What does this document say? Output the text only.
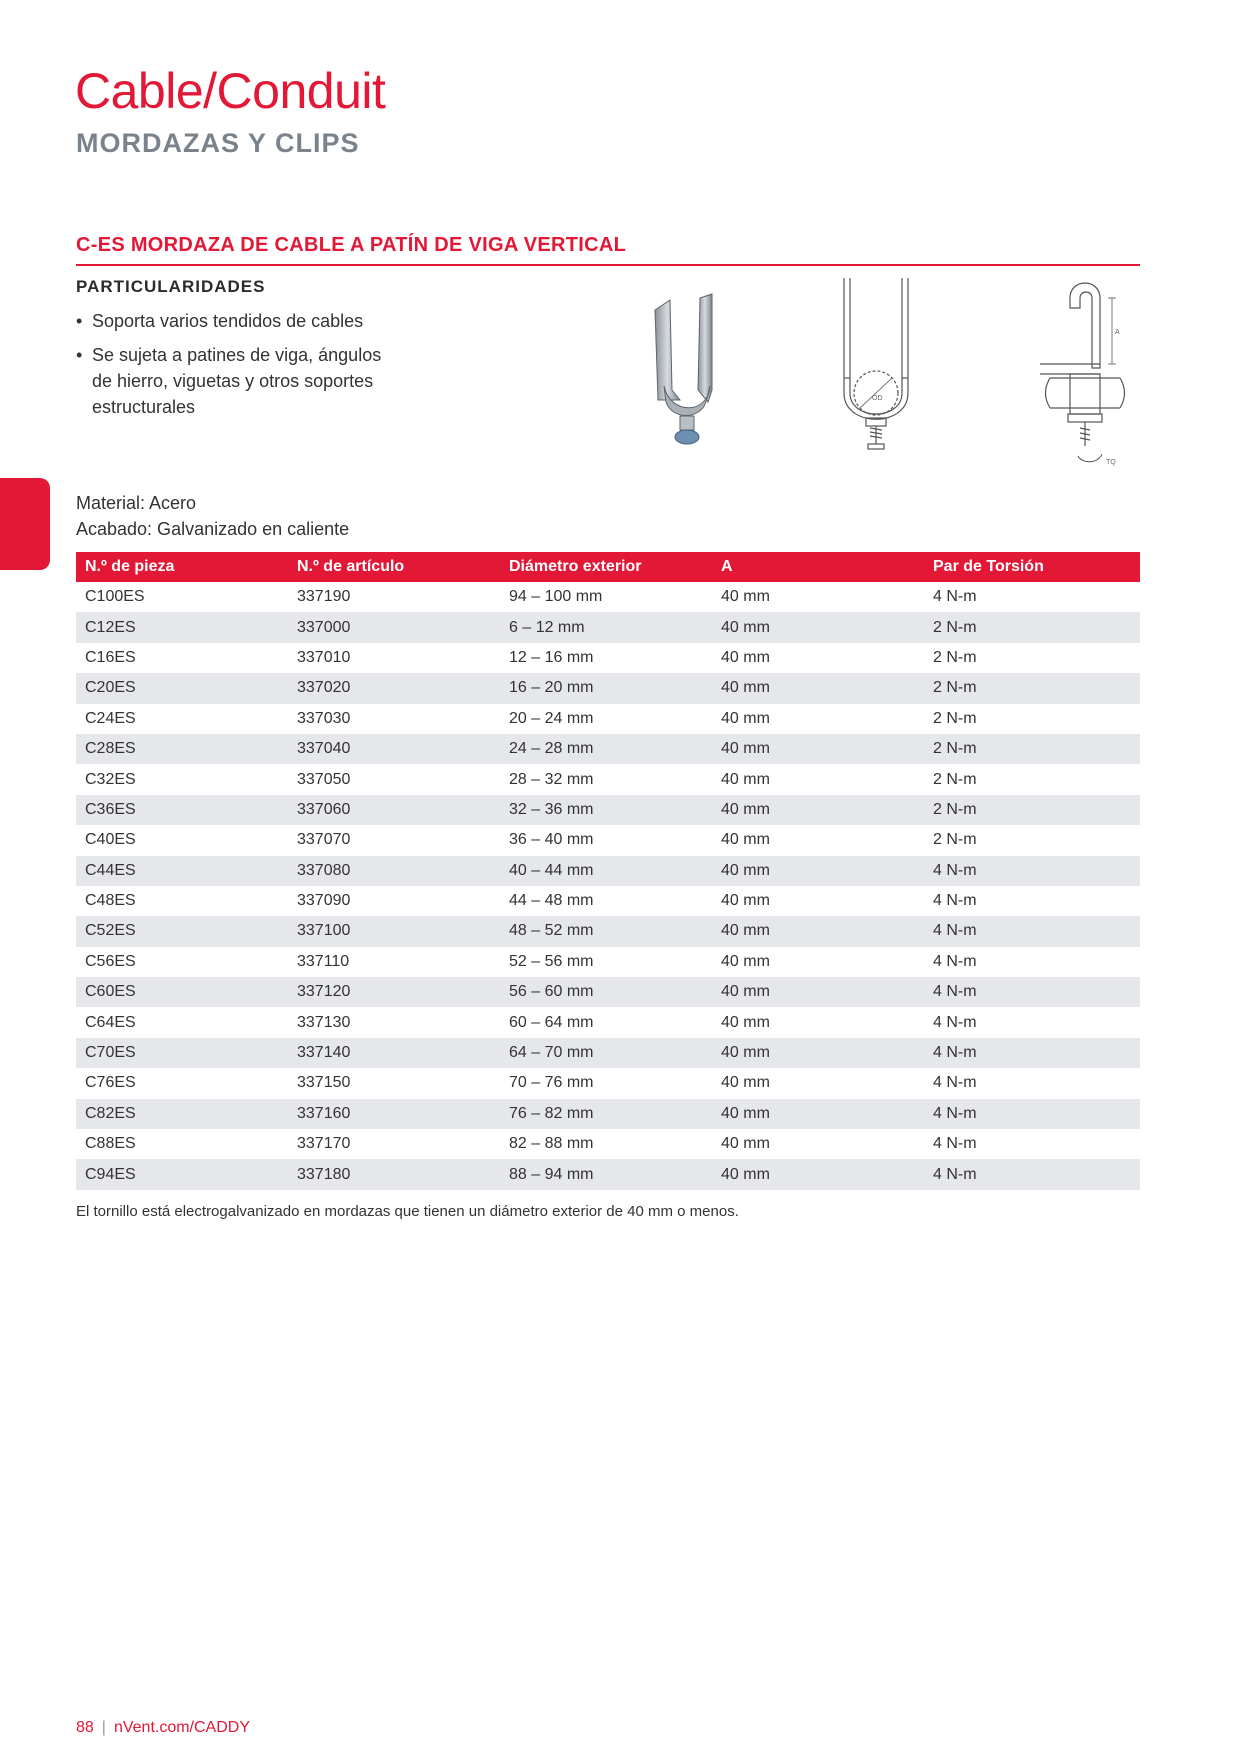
Cable/Conduit
MORDAZAS Y CLIPS
C-ES MORDAZA DE CABLE A PATÍN DE VIGA VERTICAL
PARTICULARIDADES
• Soporta varios tendidos de cables
• Se sujeta a patines de viga, ángulos de hierro, viguetas y otros soportes estructurales	OD
A
TQ
Material: Acero
Acabado: Galvanizado en caliente
N.º de pieza	N.º de artículo	Diámetro exterior	A	Par de Torsión
C100ES	337190	94 – 100 mm	40 mm	4 N-m
C12ES	337000	6 – 12 mm	40 mm	2 N-m
C16ES	337010	12 – 16 mm	40 mm	2 N-m
C20ES	337020	16 – 20 mm	40 mm	2 N-m
C24ES	337030	20 – 24 mm	40 mm	2 N-m
C28ES	337040	24 – 28 mm	40 mm	2 N-m
C32ES	337050	28 – 32 mm	40 mm	2 N-m
C36ES	337060	32 – 36 mm	40 mm	2 N-m
C40ES	337070	36 – 40 mm	40 mm	2 N-m
C44ES	337080	40 – 44 mm	40 mm	4 N-m
C48ES	337090	44 – 48 mm	40 mm	4 N-m
C52ES	337100	48 – 52 mm	40 mm	4 N-m
C56ES	337110	52 – 56 mm	40 mm	4 N-m
C60ES	337120	56 – 60 mm	40 mm	4 N-m
C64ES	337130	60 – 64 mm	40 mm	4 N-m
C70ES	337140	64 – 70 mm	40 mm	4 N-m
C76ES	337150	70 – 76 mm	40 mm	4 N-m
C82ES	337160	76 – 82 mm	40 mm	4 N-m
C88ES	337170	82 – 88 mm	40 mm	4 N-m
C94ES	337180	88 – 94 mm	40 mm	4 N-m
El tornillo está electrogalvanizado en mordazas que tienen un diámetro exterior de 40 mm o menos.
88 | nVent.com/CADDY
